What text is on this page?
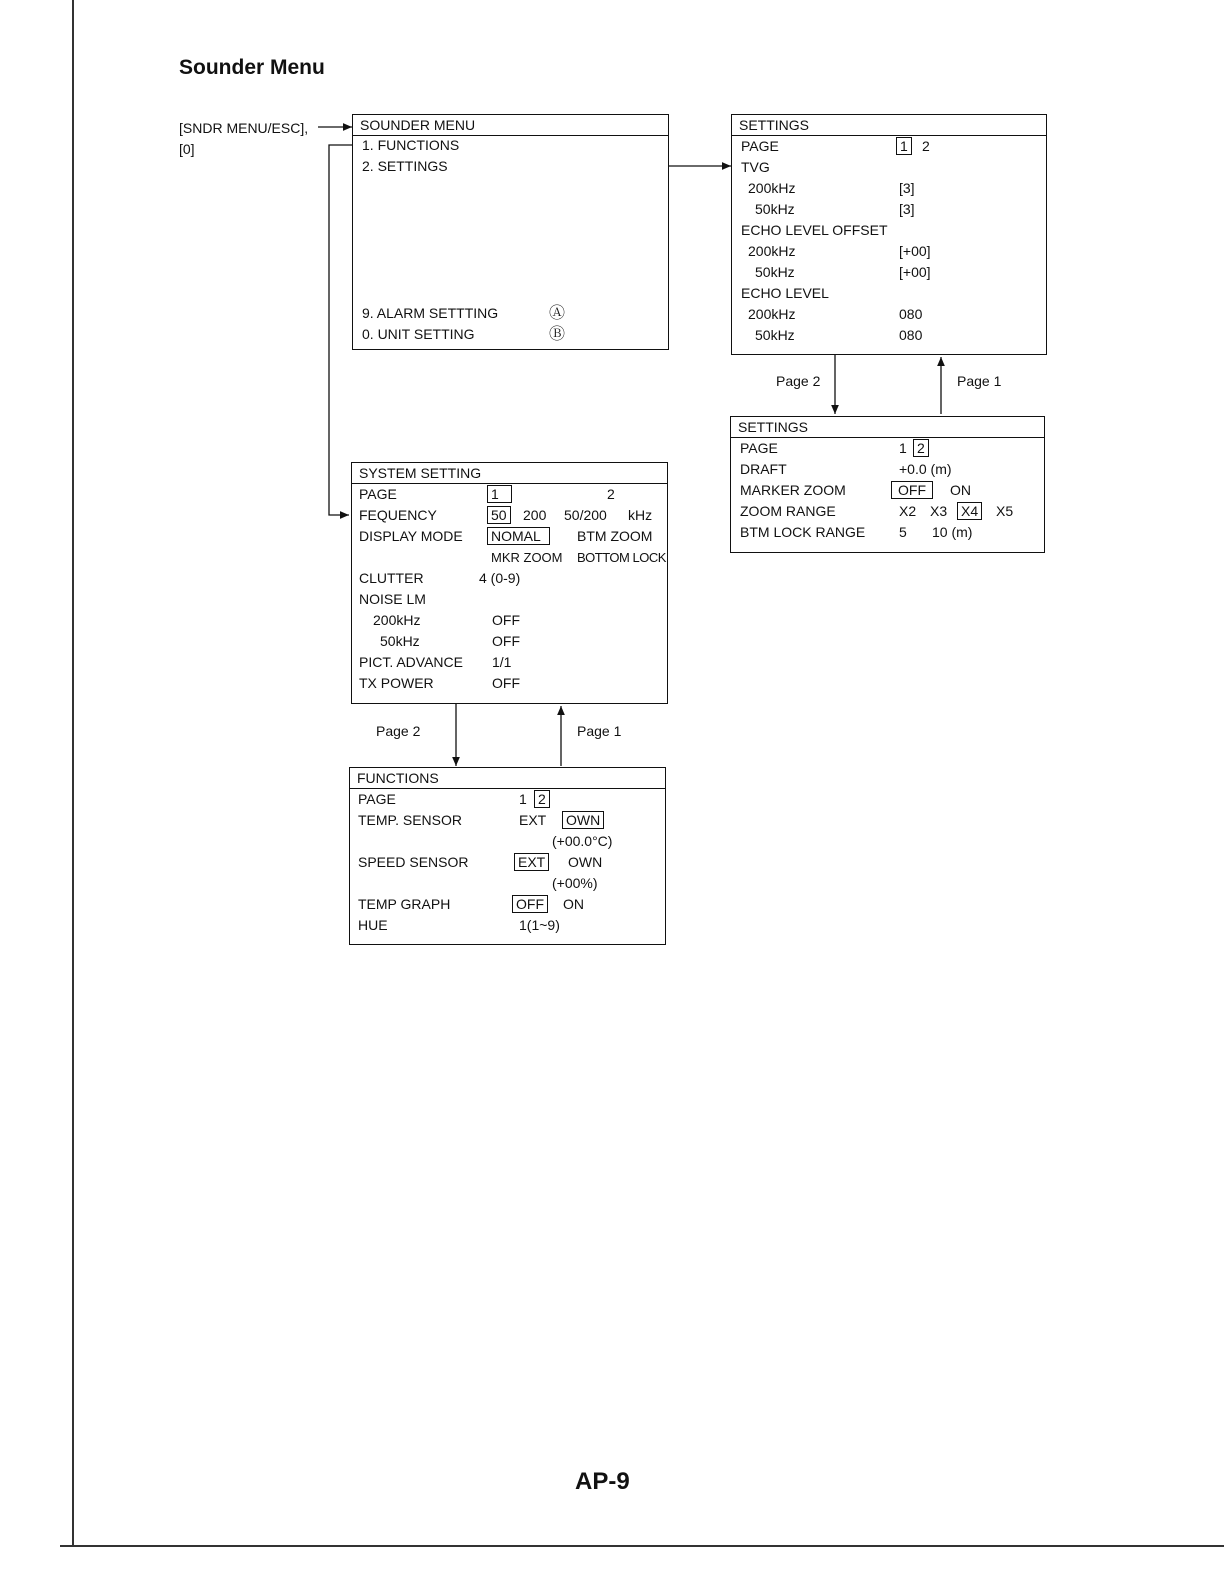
Sounder Menu
[SNDR MENU/ESC],
[0]
SOUNDER MENU
1. FUNCTIONS
2. SETTINGS
9. ALARM SETTTING	Ⓐ
0. UNIT SETTING	Ⓑ
SETTINGS
PAGE	1 2
TVG
200kHz	[3]
50kHz	[3]
ECHO LEVEL OFFSET
200kHz	[+00]
50kHz	[+00]
ECHO LEVEL
200kHz	080
50kHz	080
Page 2	Page 1
SETTINGS
PAGE	1 2
DRAFT	+0.0 (m)
MARKER ZOOM	OFF	ON
ZOOM RANGE	X2 X3 X4 X5
BTM LOCK RANGE 5 10 (m)
SYSTEM SETTING
PAGE	1	2
FEQUENCY	50 200 50/200 kHz
DISPLAY MODE NOMAL	BTM ZOOM
MKR ZOOM BOTTOM LOCK
CLUTTER	4 (0-9)
NOISE LM
200kHz	OFF
50kHz	OFF
PICT. ADVANCE 1/1
TX POWER	OFF
Page 2	Page 1
FUNCTIONS
PAGE	1 2
TEMP. SENSOR	EXT OWN
(+00.0°C)
SPEED SENSOR	EXT OWN
(+00%)
TEMP GRAPH	OFF ON
HUE	1(1~9)
AP-9
